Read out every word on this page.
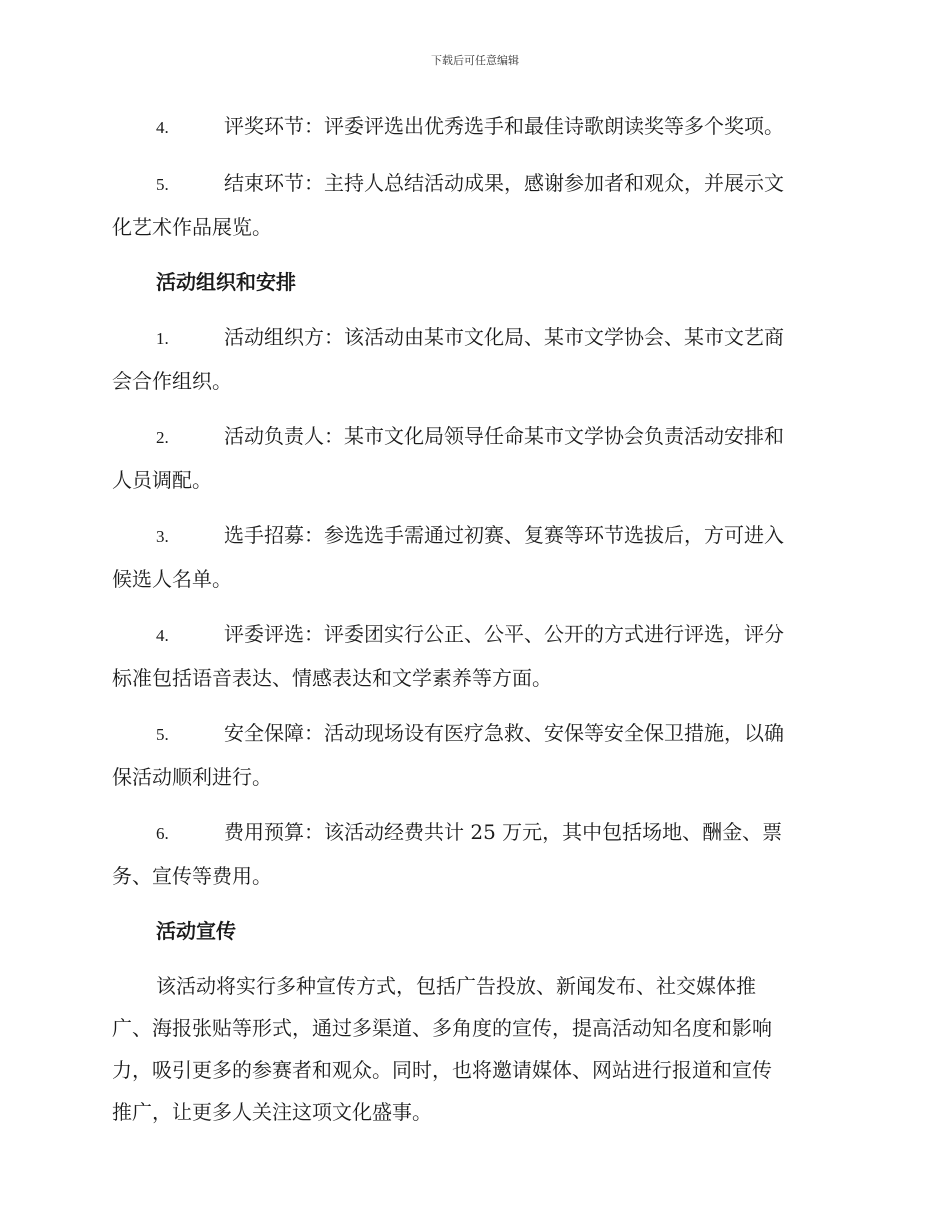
下载后可任意编辑
4.	评奖环节：评委评选出优秀选手和最佳诗歌朗读奖等多个奖项。
5.	结束环节：主持人总结活动成果，感谢参加者和观众，并展示文
化艺术作品展览。
活动组织和安排
1.	活动组织方：该活动由某市文化局、某市文学协会、某市文艺商
会合作组织。
2.	活动负责人：某市文化局领导任命某市文学协会负责活动安排和
人员调配。
3.	选手招募：参选选手需通过初赛、复赛等环节选拔后，方可进入
候选人名单。
4.	评委评选：评委团实行公正、公平、公开的方式进行评选，评分
标准包括语音表达、情感表达和文学素养等方面。
5.	安全保障：活动现场设有医疗急救、安保等安全保卫措施，以确
保活动顺利进行。
6.	费用预算：该活动经费共计 25 万元，其中包括场地、酬金、票
务、宣传等费用。
活动宣传
该活动将实行多种宣传方式，包括广告投放、新闻发布、社交媒体推
广、海报张贴等形式，通过多渠道、多角度的宣传，提高活动知名度和影响
力，吸引更多的参赛者和观众。同时，也将邀请媒体、网站进行报道和宣传
推广，让更多人关注这项文化盛事。
